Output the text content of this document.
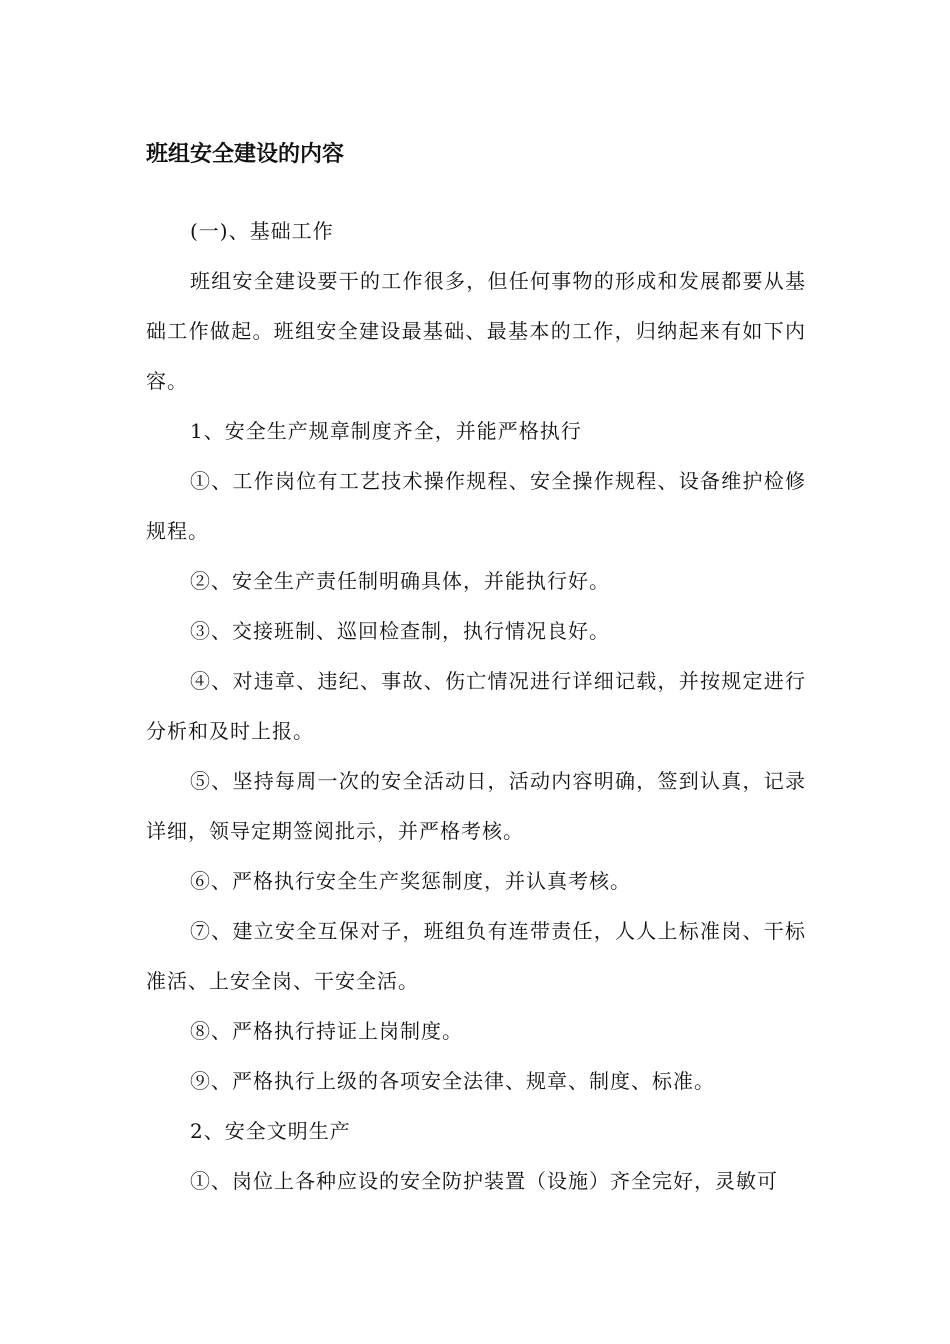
班组安全建设的内容

(一)、基础工作

班组安全建设要干的工作很多，但任何事物的形成和发展都要从基础工作做起。班组安全建设最基础、最基本的工作，归纳起来有如下内容。

1、安全生产规章制度齐全，并能严格执行

①、工作岗位有工艺技术操作规程、安全操作规程、设备维护检修规程。

②、安全生产责任制明确具体，并能执行好。

③、交接班制、巡回检查制，执行情况良好。

④、对违章、违纪、事故、伤亡情况进行详细记载，并按规定进行分析和及时上报。

⑤、坚持每周一次的安全活动日，活动内容明确，签到认真，记录详细，领导定期签阅批示，并严格考核。

⑥、严格执行安全生产奖惩制度，并认真考核。

⑦、建立安全互保对子，班组负有连带责任，人人上标准岗、干标准活、上安全岗、干安全活。

⑧、严格执行持证上岗制度。

⑨、严格执行上级的各项安全法律、规章、制度、标准。

2、安全文明生产

①、岗位上各种应设的安全防护装置（设施）齐全完好，灵敏可
